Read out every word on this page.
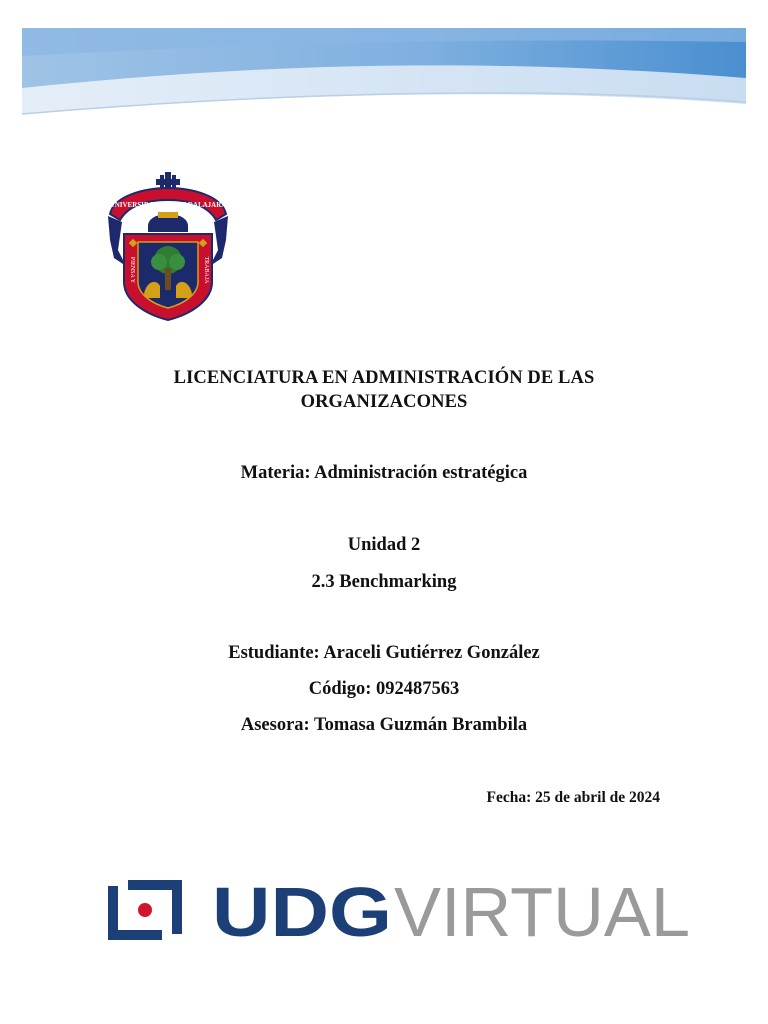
UNIVERSIDAD DE GUADALAJARA
PIENSA Y	TRABAJA
LICENCIATURA EN ADMINISTRACIÓN DE LAS
ORGANIZACONES
Materia: Administración estratégica
Unidad 2
2.3 Benchmarking
Estudiante: Araceli Gutiérrez González
Código: 092487563
Asesora: Tomasa Guzmán Brambila
Fecha: 25 de abril de 2024
UDG VIRTUAL
